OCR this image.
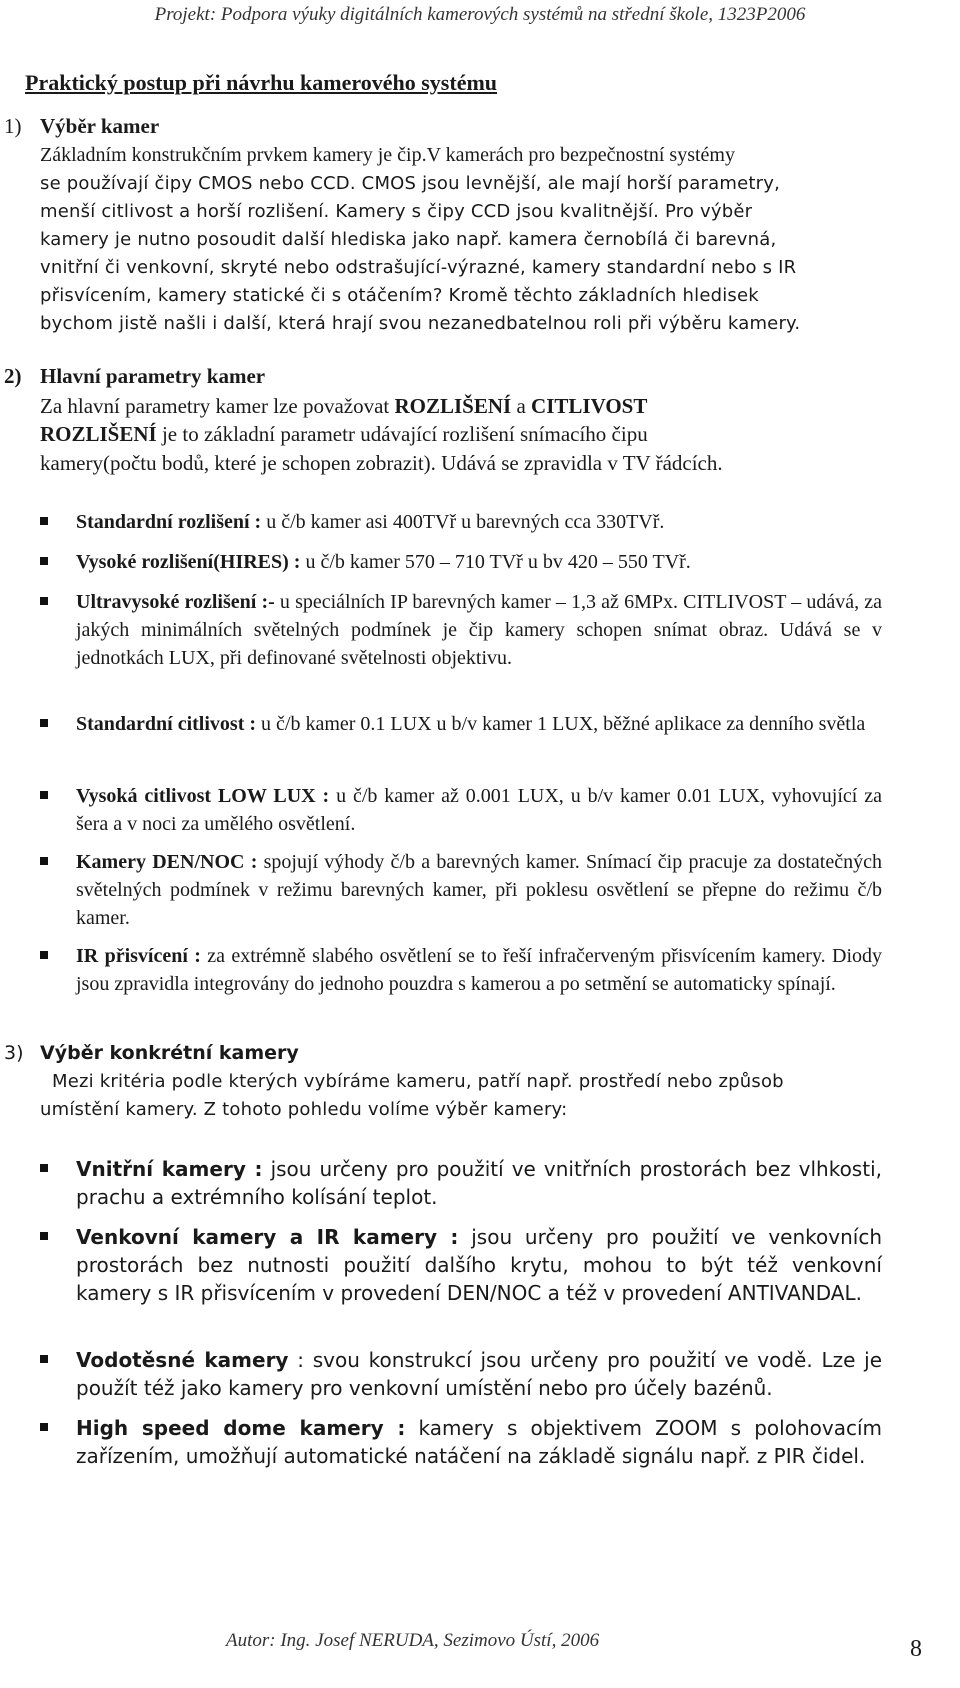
Projekt: Podpora výuky digitálních kamerových systémů na střední škole, 1323P2006
Praktický postup při návrhu kamerového systému
1) Výběr kamer
Základním konstrukčním prvkem kamery je čip.V kamerách pro bezpečnostní systémy
se používají čipy CMOS nebo CCD. CMOS jsou levnější, ale mají horší parametry,
menší citlivost a horší rozlišení. Kamery s čipy CCD jsou kvalitnější. Pro výběr
kamery je nutno posoudit další hlediska jako např. kamera černobílá či barevná,
vnitřní či venkovní, skryté nebo odstrašující-výrazné, kamery standardní nebo s IR
přisvícením, kamery statické či s otáčením? Kromě těchto základních hledisek
bychom jistě našli i další, která hrají svou nezanedbatelnou roli při výběru kamery.
2) Hlavní parametry kamer
Za hlavní parametry kamer lze považovat ROZLIŠENÍ a CITLIVOST
ROZLIŠENÍ je to základní parametr udávající rozlišení snímacího čipu
kamery(počtu bodů, které je schopen zobrazit). Udává se zpravidla v TV řádcích.
Standardní rozlišení : u č/b kamer asi 400TVř u barevných cca 330TVř.
Vysoké rozlišení(HIRES) : u č/b kamer 570 – 710 TVř u bv 420 – 550 TVř.
Ultravysoké rozlišení :- u speciálních IP barevných kamer – 1,3 až 6MPx. CITLIVOST – udává, za jakých minimálních světelných podmínek je čip kamery schopen snímat obraz. Udává se v jednotkách LUX, při definované světelnosti objektivu.
Standardní citlivost : u č/b kamer 0.1 LUX u b/v kamer 1 LUX, běžné aplikace za denního světla
Vysoká citlivost LOW LUX : u č/b kamer až 0.001 LUX, u b/v kamer 0.01 LUX, vyhovující za šera a v noci za umělého osvětlení.
Kamery DEN/NOC : spojují výhody č/b a barevných kamer. Snímací čip pracuje za dostatečných světelných podmínek v režimu barevných kamer, při poklesu osvětlení se přepne do režimu č/b kamer.
IR přisvícení : za extrémně slabého osvětlení se to řeší infračerveným přisvícením kamery. Diody jsou zpravidla integrovány do jednoho pouzdra s kamerou a po setmění se automaticky spínají.
3) Výběr konkrétní kamery
Mezi kritéria podle kterých vybíráme kameru, patří např. prostředí nebo způsob
umístění kamery. Z tohoto pohledu volíme výběr kamery:
Vnitřní kamery : jsou určeny pro použití ve vnitřních prostorách bez vlhkosti, prachu a extrémního kolísání teplot.
Venkovní kamery a IR kamery : jsou určeny pro použití ve venkovních prostorách bez nutnosti použití dalšího krytu, mohou to být též venkovní kamery s IR přisvícením v provedení DEN/NOC a též v provedení ANTIVANDAL.
Vodotěsné kamery : svou konstrukcí jsou určeny pro použití ve vodě. Lze je použít též jako kamery pro venkovní umístění nebo pro účely bazénů.
High speed dome kamery : kamery s objektivem ZOOM s polohovacím zařízením, umožňují automatické natáčení na základě signálu např. z PIR čidel.
Autor: Ing. Josef NERUDA, Sezimovo Ústí, 2006	8
